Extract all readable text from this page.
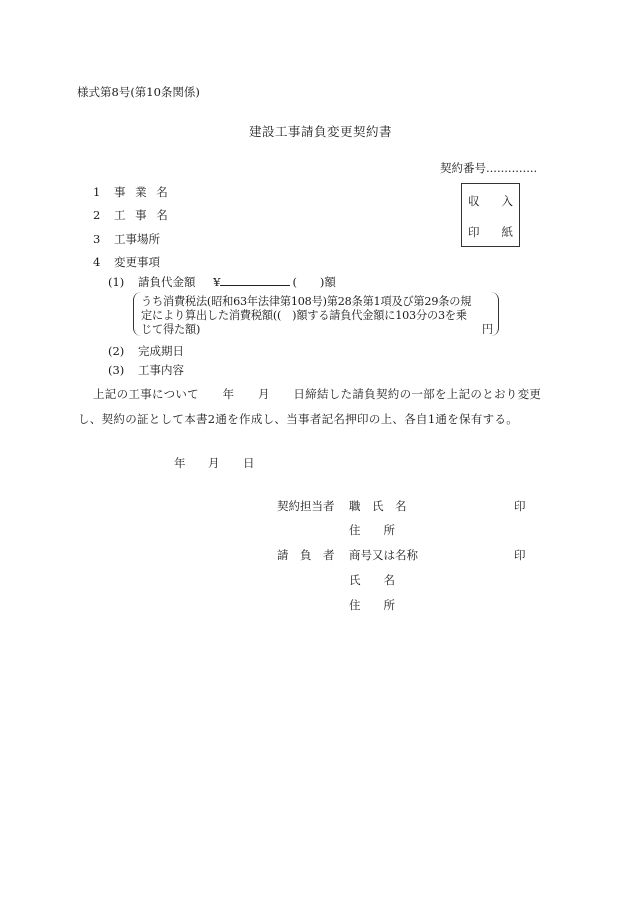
様式第8号(第10条関係)
建設工事請負変更契約書
契約番号..............
収 入
印 紙
1 事 業 名
2 工 事 名
3 工事場所
4 変更事項
(1) 請負代金額 ¥	(　　)額
うち消費税法(昭和63年法律第108号)第28条第1項及び第29条の規
定により算出した消費税額((　)額する請負代金額に103分の3を乗
じて得た額)	円
(2) 完成期日
(3) 工事内容
上記の工事について　　年　　月　　日締結した請負契約の一部を上記のとおり変更
し、契約の証として本書2通を作成し、当事者記名押印の上、各自1通を保有する。
年 月 日
契約担当者 職　氏　名	印
住　　所
請　負　者 商号又は名称	印
氏　　名
住　　所
